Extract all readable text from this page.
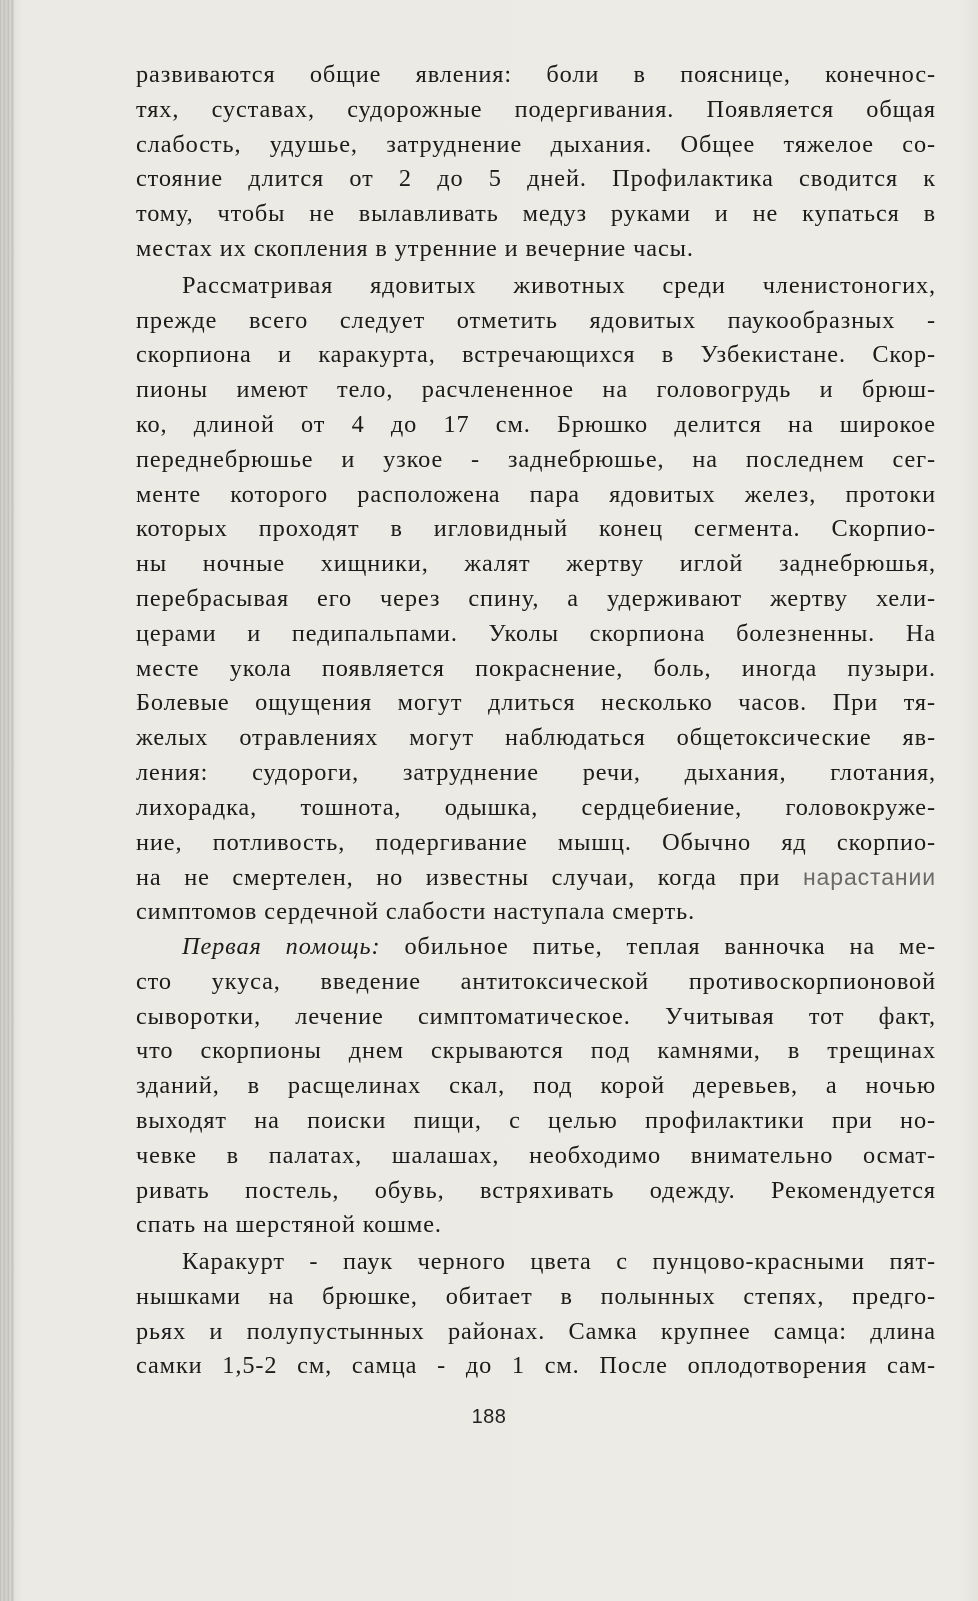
развиваются общие явления: боли в пояснице, конечнос-
тях, суставах, судорожные подергивания. Появляется общая
слабость, удушье, затруднение дыхания. Общее тяжелое со-
стояние длится от 2 до 5 дней. Профилактика сводится к
тому, чтобы не вылавливать медуз руками и не купаться в
местах их скопления в утренние и вечерние часы.
Рассматривая ядовитых животных среди членистоногих,
прежде всего следует отметить ядовитых паукообразных -
скорпиона и каракурта, встречающихся в Узбекистане. Скор-
пионы имеют тело, расчлененное на головогрудь и брюш-
ко, длиной от 4 до 17 см. Брюшко делится на широкое
переднебрюшье и узкое - заднебрюшье, на последнем сег-
менте которого расположена пара ядовитых желез, протоки
которых проходят в игловидный конец сегмента. Скорпио-
ны ночные хищники, жалят жертву иглой заднебрюшья,
перебрасывая его через спину, а удерживают жертву хели-
церами и педипальпами. Уколы скорпиона болезненны. На
месте укола появляется покраснение, боль, иногда пузыри.
Болевые ощущения могут длиться несколько часов. При тя-
желых отравлениях могут наблюдаться общетоксические яв-
ления: судороги, затруднение речи, дыхания, глотания,
лихорадка, тошнота, одышка, сердцебиение, головокруже-
ние, потливость, подергивание мышц. Обычно яд скорпио-
на не смертелен, но известны случаи, когда при нарастании
симптомов сердечной слабости наступала смерть.
Первая помощь: обильное питье, теплая ванночка на ме-
сто укуса, введение антитоксической противоскорпионовой
сыворотки, лечение симптоматическое. Учитывая тот факт,
что скорпионы днем скрываются под камнями, в трещинах
зданий, в расщелинах скал, под корой деревьев, а ночью
выходят на поиски пищи, с целью профилактики при но-
чевке в палатах, шалашах, необходимо внимательно осмат-
ривать постель, обувь, встряхивать одежду. Рекомендуется
спать на шерстяной кошме.
Каракурт - паук черного цвета с пунцово-красными пят-
нышками на брюшке, обитает в полынных степях, предго-
рьях и полупустынных районах. Самка крупнее самца: длина
самки 1,5-2 см, самца - до 1 см. После оплодотворения сам-
188
